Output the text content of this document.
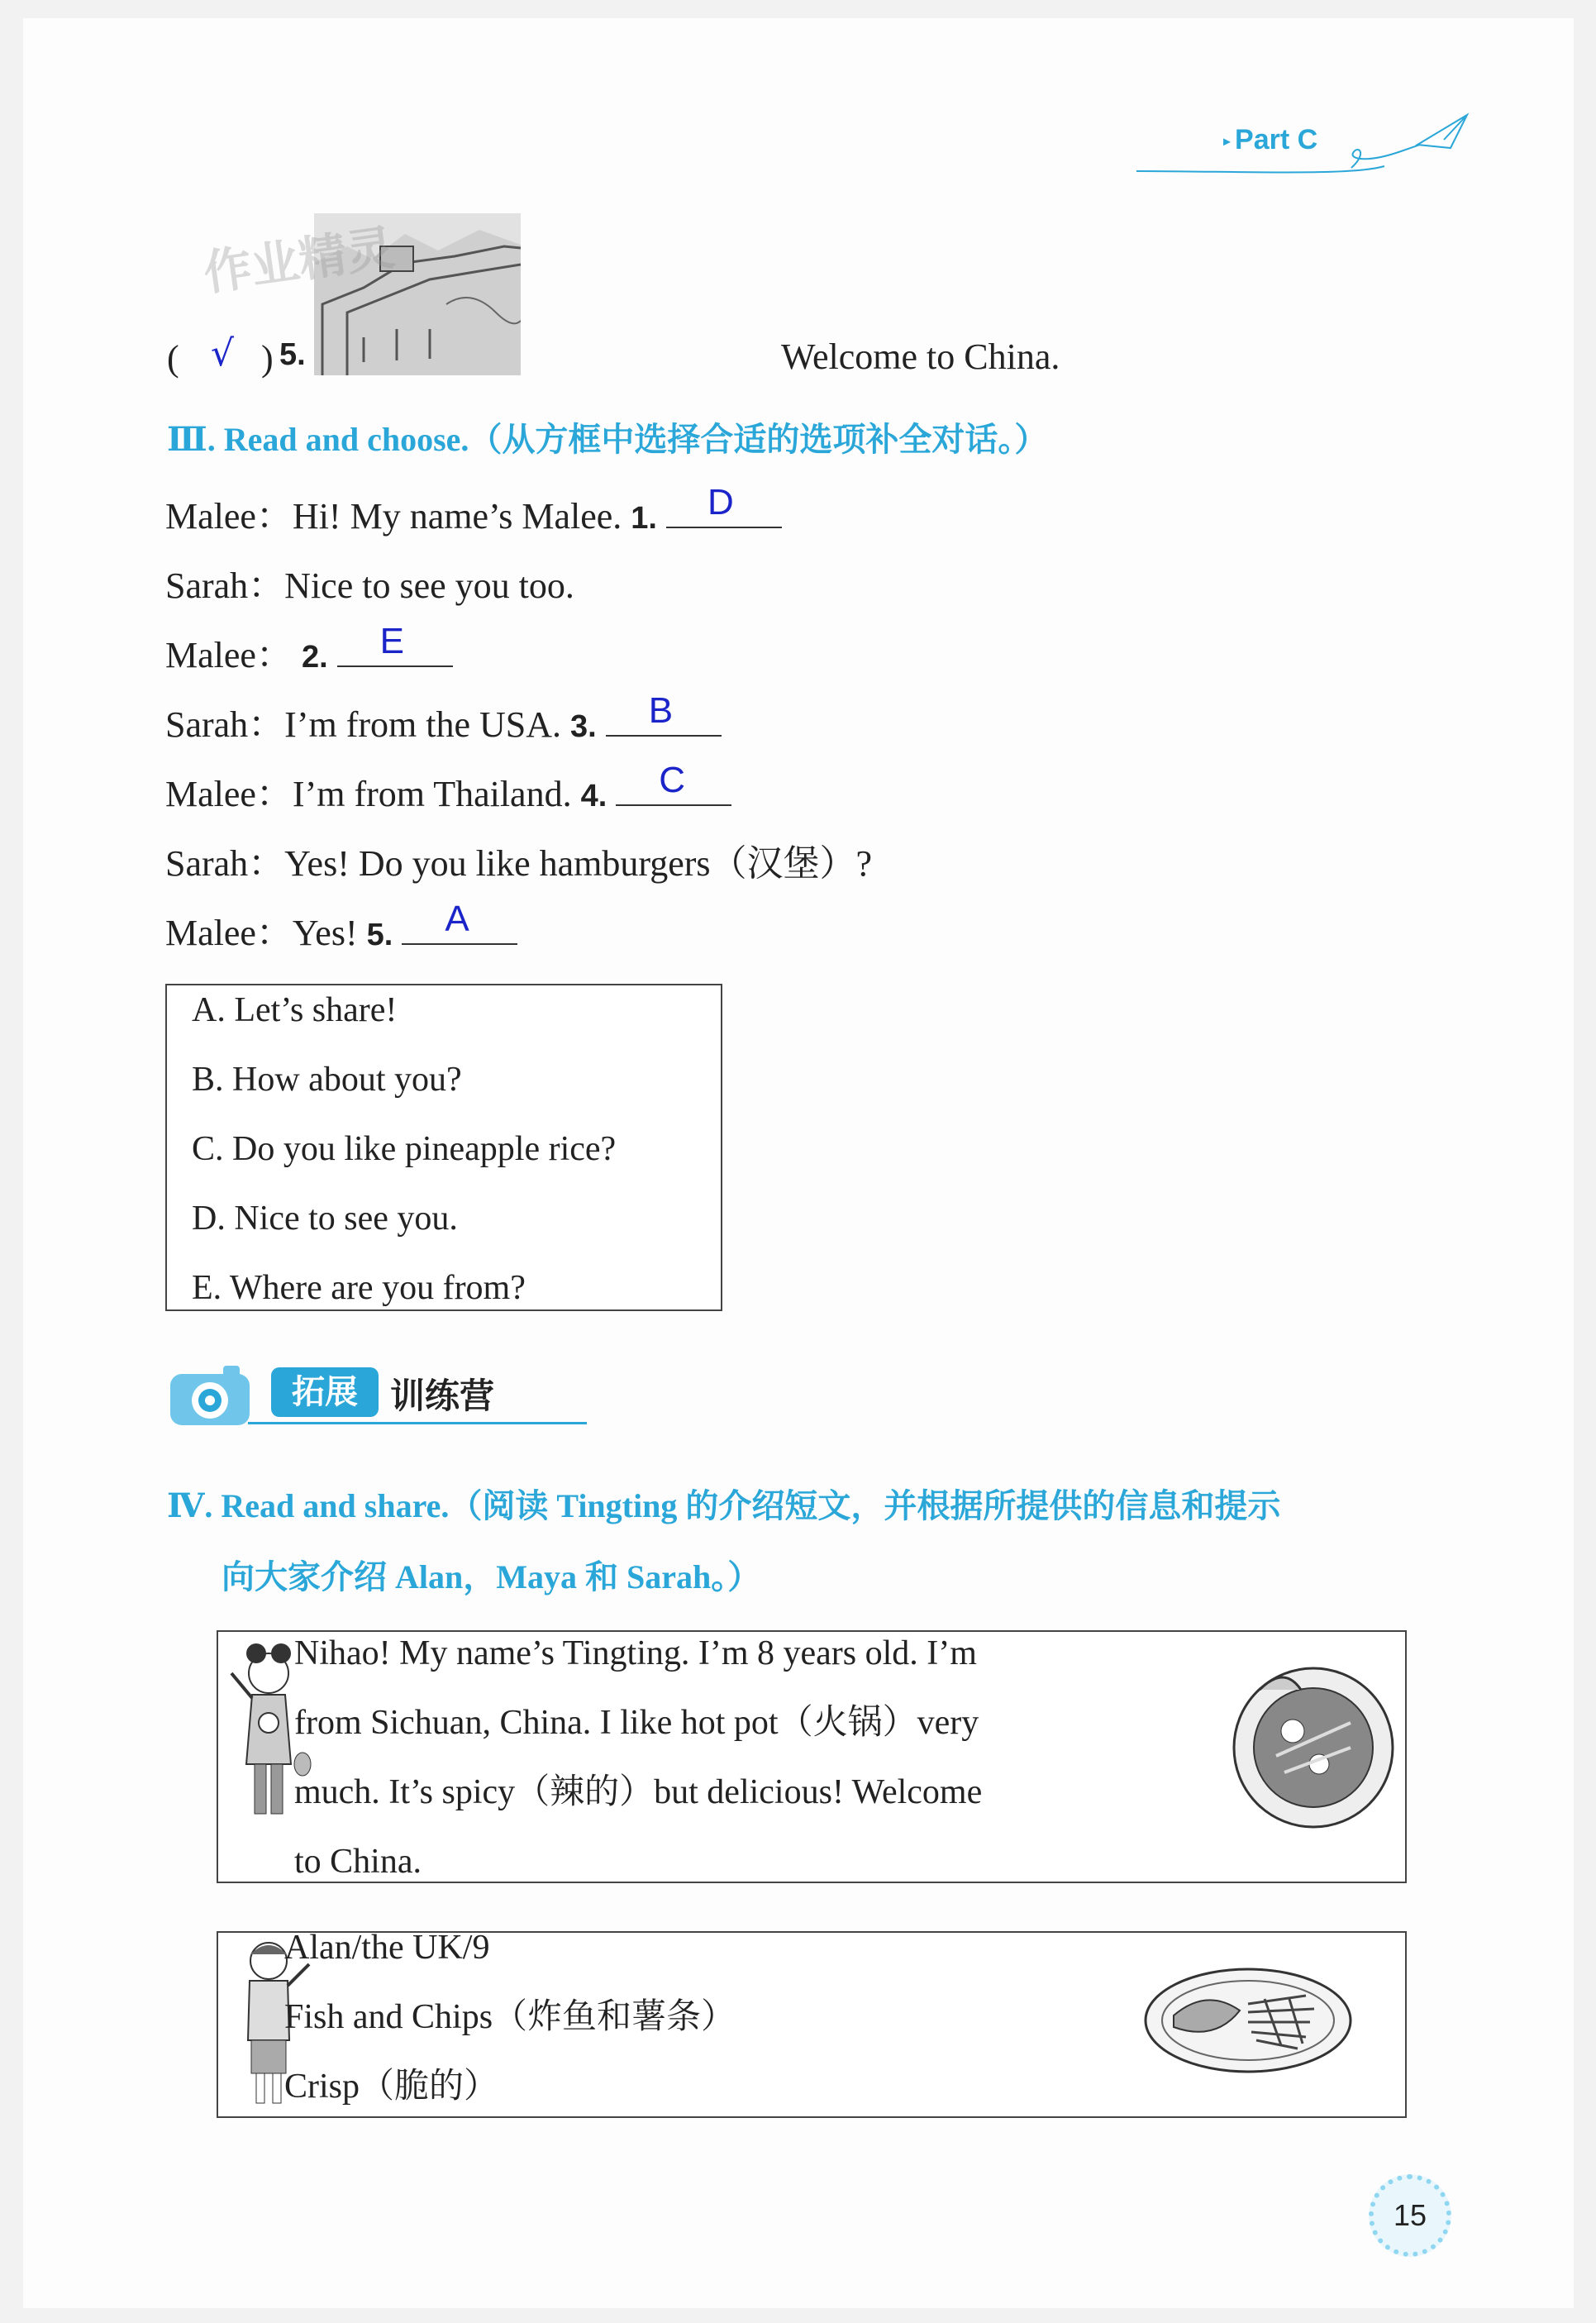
▸ Part C
作业精灵
( √ ) 5.	Welcome to China.
Ⅲ. Read and choose.（从方框中选择合适的选项补全对话。）
Malee：Hi! My name’s Malee. 1. D
Sarah：Nice to see you too.
Malee： 2. E
Sarah：I’m from the USA. 3. B
Malee：I’m from Thailand. 4. C
Sarah：Yes! Do you like hamburgers（汉堡）?
Malee：Yes! 5. A
A. Let’s share!
B. How about you?
C. Do you like pineapple rice?
D. Nice to see you.
E. Where are you from?
拓展 训练营
Ⅳ. Read and share.（阅读 Tingting 的介绍短文，并根据所提供的信息和提示
向大家介绍 Alan，Maya 和 Sarah。）
Nihao! My name’s Tingting. I’m 8 years old. I’m
from Sichuan, China. I like hot pot（火锅）very
much. It’s spicy（辣的）but delicious! Welcome
to China.
Alan/the UK/9
Fish and Chips（炸鱼和薯条）
Crisp（脆的）
15
